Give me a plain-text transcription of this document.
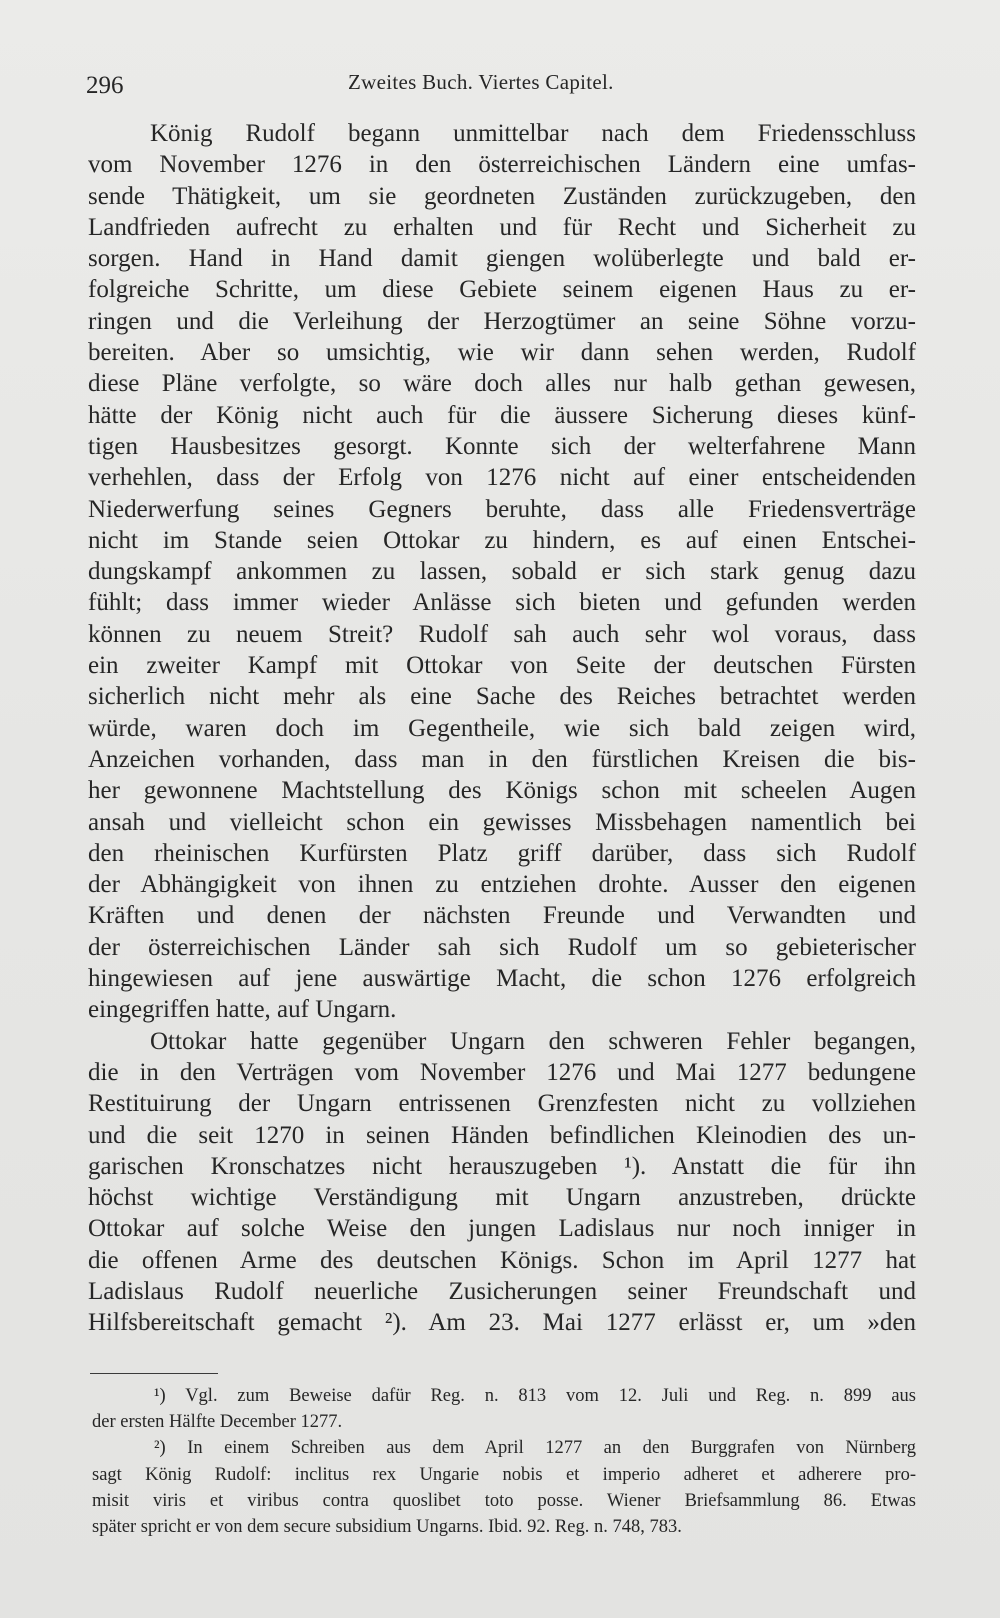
296	Zweites Buch. Viertes Capitel.
König Rudolf begann unmittelbar nach dem Friedensschluss
vom November 1276 in den österreichischen Ländern eine umfas-
sende Thätigkeit, um sie geordneten Zuständen zurückzugeben, den
Landfrieden aufrecht zu erhalten und für Recht und Sicherheit zu
sorgen. Hand in Hand damit giengen wolüberlegte und bald er-
folgreiche Schritte, um diese Gebiete seinem eigenen Haus zu er-
ringen und die Verleihung der Herzogtümer an seine Söhne vorzu-
bereiten. Aber so umsichtig, wie wir dann sehen werden, Rudolf
diese Pläne verfolgte, so wäre doch alles nur halb gethan gewesen,
hätte der König nicht auch für die äussere Sicherung dieses künf-
tigen Hausbesitzes gesorgt. Konnte sich der welterfahrene Mann
verhehlen, dass der Erfolg von 1276 nicht auf einer entscheidenden
Niederwerfung seines Gegners beruhte, dass alle Friedensverträge
nicht im Stande seien Ottokar zu hindern, es auf einen Entschei-
dungskampf ankommen zu lassen, sobald er sich stark genug dazu
fühlt; dass immer wieder Anlässe sich bieten und gefunden werden
können zu neuem Streit? Rudolf sah auch sehr wol voraus, dass
ein zweiter Kampf mit Ottokar von Seite der deutschen Fürsten
sicherlich nicht mehr als eine Sache des Reiches betrachtet werden
würde, waren doch im Gegentheile, wie sich bald zeigen wird,
Anzeichen vorhanden, dass man in den fürstlichen Kreisen die bis-
her gewonnene Machtstellung des Königs schon mit scheelen Augen
ansah und vielleicht schon ein gewisses Missbehagen namentlich bei
den rheinischen Kurfürsten Platz griff darüber, dass sich Rudolf
der Abhängigkeit von ihnen zu entziehen drohte. Ausser den eigenen
Kräften und denen der nächsten Freunde und Verwandten und
der österreichischen Länder sah sich Rudolf um so gebieterischer
hingewiesen auf jene auswärtige Macht, die schon 1276 erfolgreich
eingegriffen hatte, auf Ungarn.
Ottokar hatte gegenüber Ungarn den schweren Fehler begangen,
die in den Verträgen vom November 1276 und Mai 1277 bedungene
Restituirung der Ungarn entrissenen Grenzfesten nicht zu vollziehen
und die seit 1270 in seinen Händen befindlichen Kleinodien des un-
garischen Kronschatzes nicht herauszugeben ¹). Anstatt die für ihn
höchst wichtige Verständigung mit Ungarn anzustreben, drückte
Ottokar auf solche Weise den jungen Ladislaus nur noch inniger in
die offenen Arme des deutschen Königs. Schon im April 1277 hat
Ladislaus Rudolf neuerliche Zusicherungen seiner Freundschaft und
Hilfsbereitschaft gemacht ²). Am 23. Mai 1277 erlässt er, um »den
¹) Vgl. zum Beweise dafür Reg. n. 813 vom 12. Juli und Reg. n. 899 aus
der ersten Hälfte December 1277.
²) In einem Schreiben aus dem April 1277 an den Burggrafen von Nürnberg
sagt König Rudolf: inclitus rex Ungarie nobis et imperio adheret et adherere pro-
misit viris et viribus contra quoslibet toto posse. Wiener Briefsammlung 86. Etwas
später spricht er von dem secure subsidium Ungarns. Ibid. 92. Reg. n. 748, 783.
